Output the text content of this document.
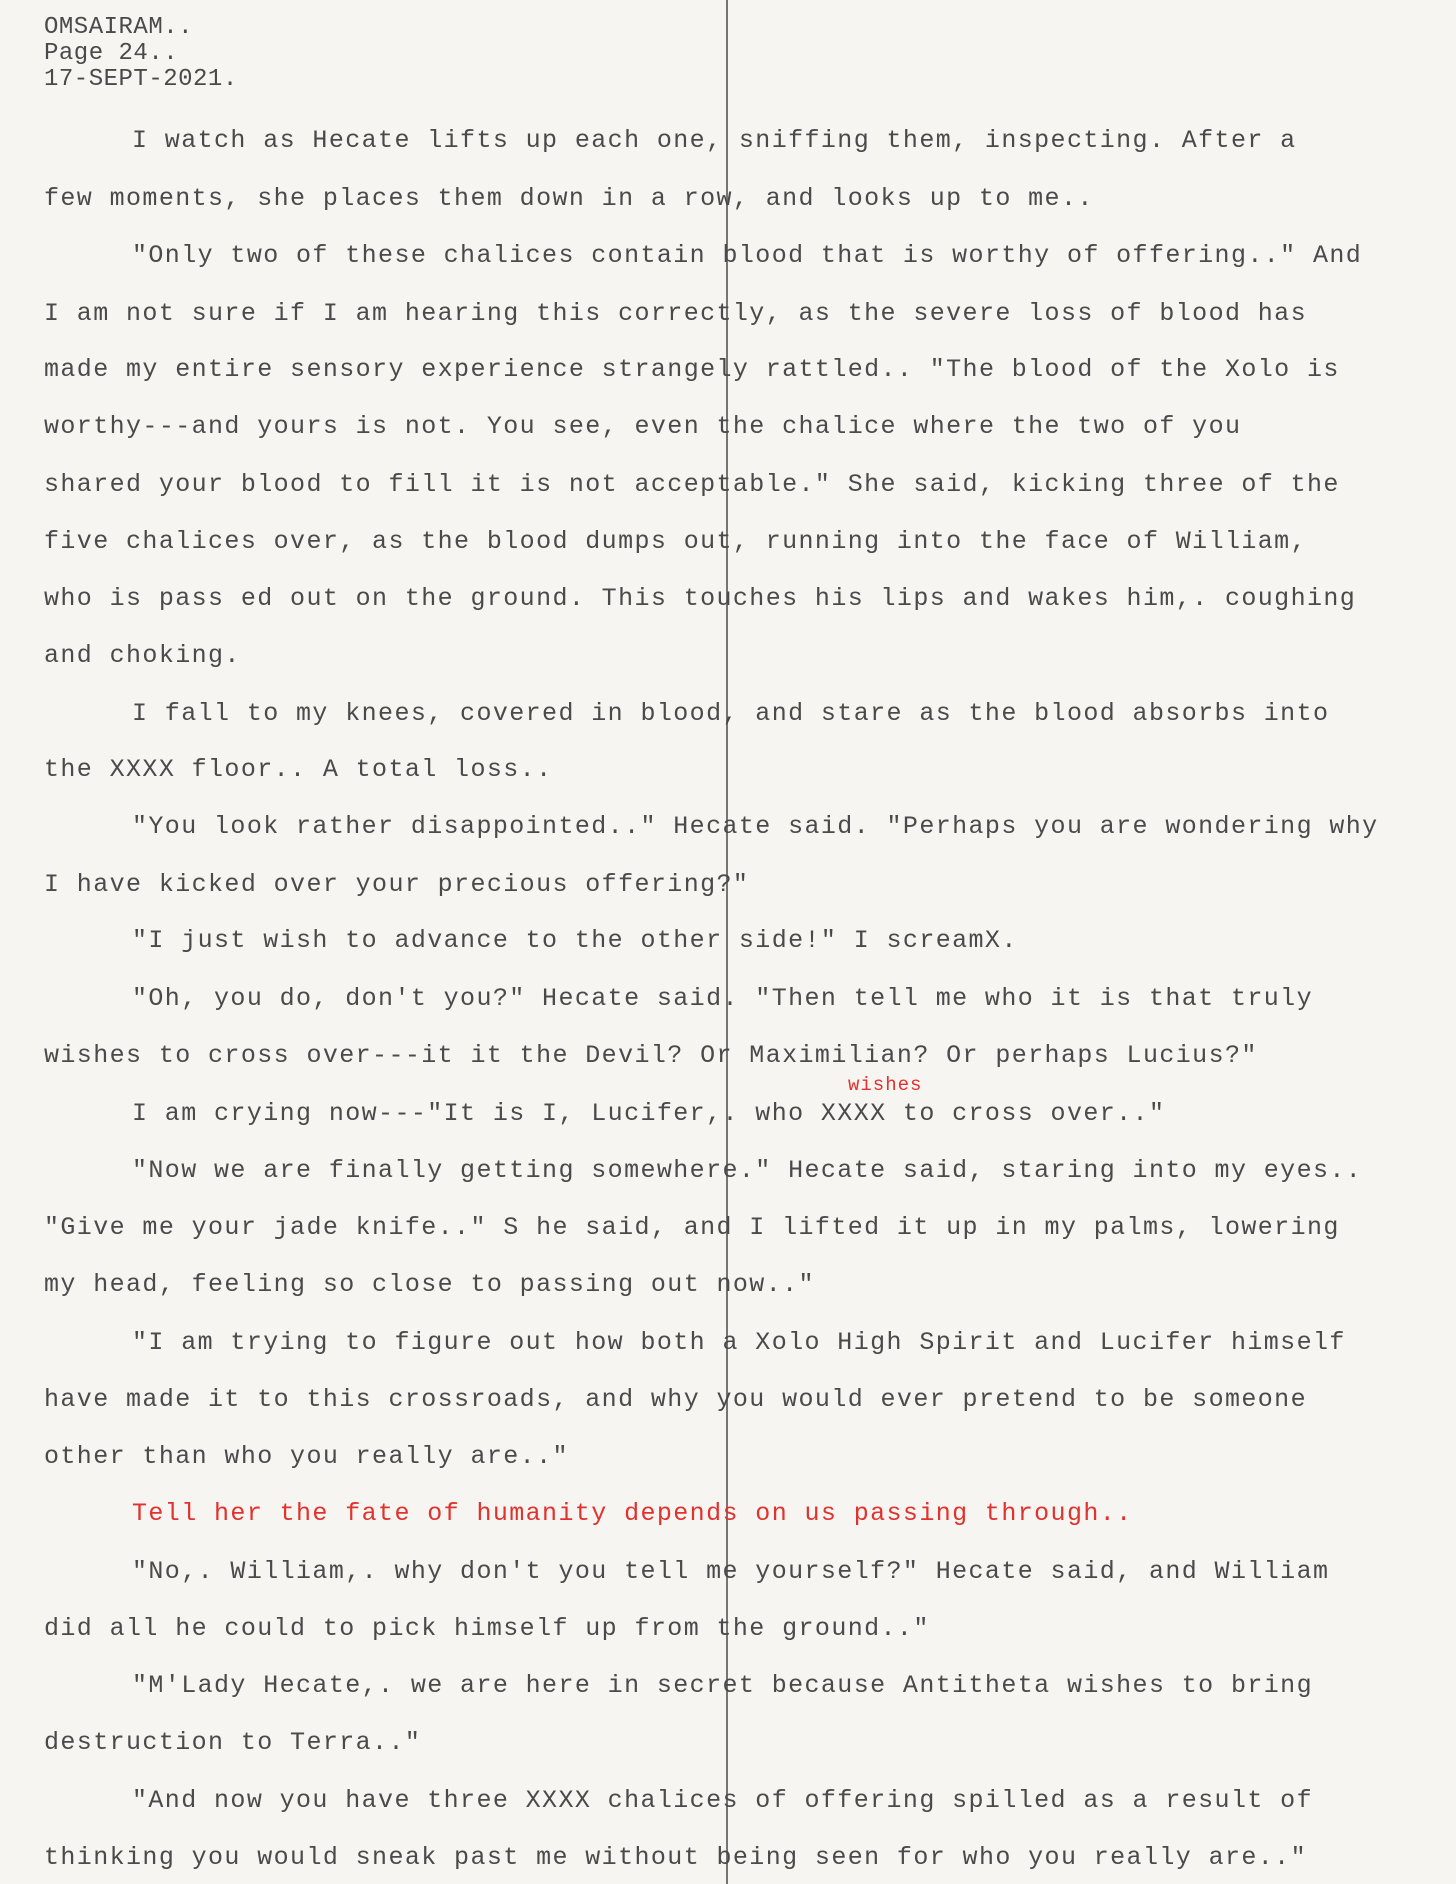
OMSAIRAM..
Page 24..
17-SEPT-2021.
I watch as Hecate lifts up each one, sniffing them, inspecting. After a
few moments, she places them down in a row, and looks up to me..
"Only two of these chalices contain blood that is worthy of offering.." And
I am not sure if I am hearing this correctly, as the severe loss of blood has
made my entire sensory experience strangely rattled.. "The blood of the Xolo is
worthy---and yours is not. You see, even the chalice where the two of you
shared your blood to fill it is not acceptable." She said, kicking three of the
five chalices over, as the blood dumps out, running into the face of William,
who is pass ed out on the ground. This touches his lips and wakes him,. coughing
and choking.
I fall to my knees, covered in blood, and stare as the blood absorbs into
the XXXX floor.. A total loss..
"You look rather disappointed.." Hecate said. "Perhaps you are wondering why
I have kicked over your precious offering?"
"I just wish to advance to the other side!" I screamX.
"Oh, you do, don't you?" Hecate said. "Then tell me who it is that truly
wishes to cross over---it it the Devil? Or Maximilian? Or perhaps Lucius?"
wishes
I am crying now---"It is I, Lucifer,. who XXXX to cross over.."
"Now we are finally getting somewhere." Hecate said, staring into my eyes..
"Give me your jade knife.." S he said, and I lifted it up in my palms, lowering
my head, feeling so close to passing out now.."
"I am trying to figure out how both a Xolo High Spirit and Lucifer himself
have made it to this crossroads, and why you would ever pretend to be someone
other than who you really are.."
Tell her the fate of humanity depends on us passing through..
"No,. William,. why don't you tell me yourself?" Hecate said, and William
did all he could to pick himself up from the ground.."
"M'Lady Hecate,. we are here in secret because Antitheta wishes to bring
destruction to Terra.."
"And now you have three XXXX chalices of offering spilled as a result of
thinking you would sneak past me without being seen for who you really are.."
